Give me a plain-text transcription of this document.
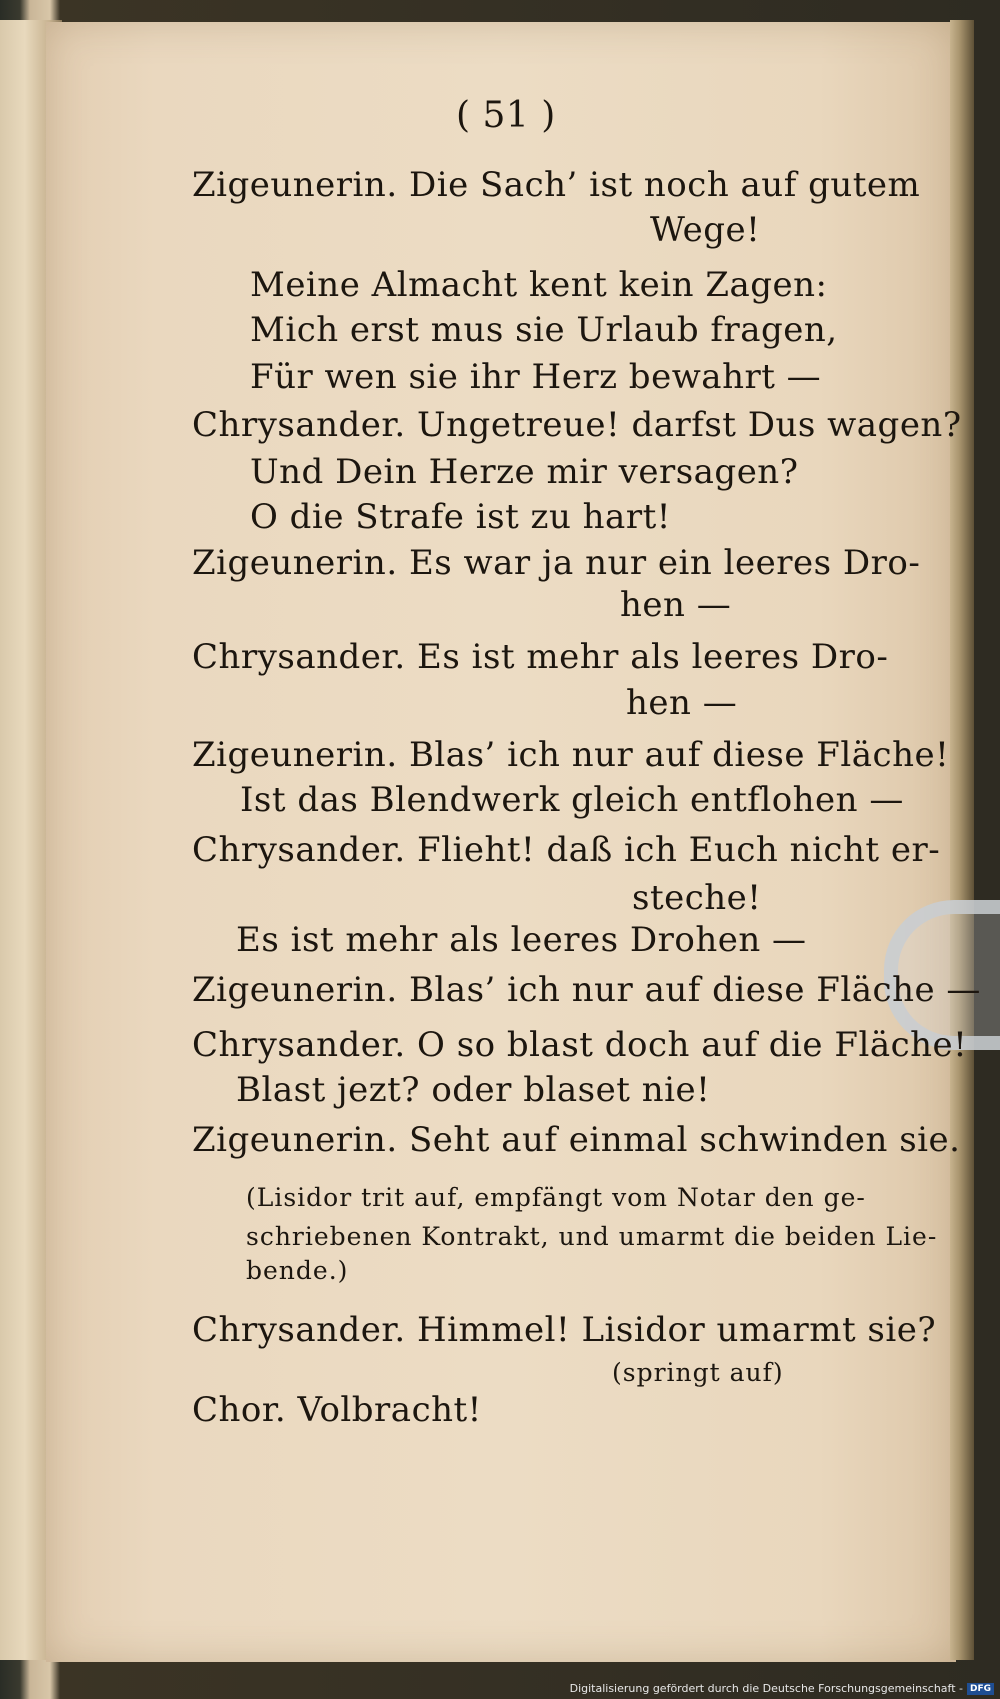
( 51 )
Zigeunerin. Die Sach’ ist noch auf gutem
Wege!
Meine Almacht kent kein Zagen:
Mich erst mus sie Urlaub fragen,
Für wen sie ihr Herz bewahrt —
Chrysander. Ungetreue! darfst Dus wagen?
Und Dein Herze mir versagen?
O die Strafe ist zu hart!
Zigeunerin. Es war ja nur ein leeres Dro-
hen —
Chrysander. Es ist mehr als leeres Dro-
hen —
Zigeunerin. Blas’ ich nur auf diese Fläche!
Ist das Blendwerk gleich entflohen —
Chrysander. Flieht! daß ich Euch nicht er-
steche!
Es ist mehr als leeres Drohen —
Zigeunerin. Blas’ ich nur auf diese Fläche —
Chrysander. O so blast doch auf die Fläche!
Blast jezt? oder blaset nie!
Zigeunerin. Seht auf einmal schwinden sie.
(Lisidor trit auf, empfängt vom Notar den ge-
schriebenen Kontrakt, und umarmt die beiden Lie-
bende.)
Chrysander. Himmel! Lisidor umarmt sie?
(springt auf)
Chor. Volbracht!
Digitalisierung gefördert durch die Deutsche Forschungsgemeinschaft - DFG
